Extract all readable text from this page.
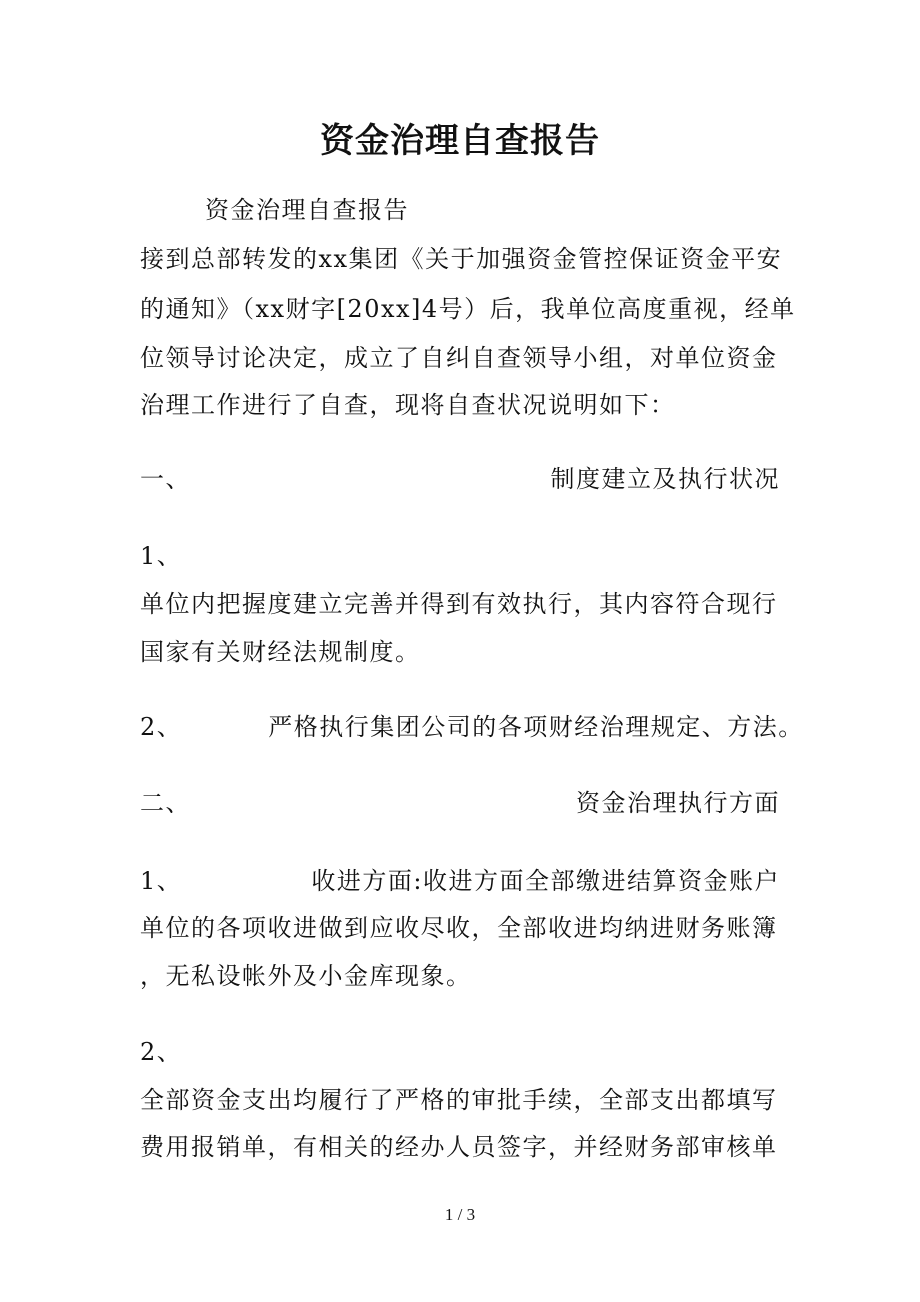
资金治理自查报告
资金治理自查报告
接到总部转发的xx集团《关于加强资金管控保证资金平安
的通知》（xx财字[20xx]4号）后，我单位高度重视，经单
位领导讨论决定，成立了自纠自查领导小组，对单位资金
治理工作进行了自查，现将自查状况说明如下：
一、	制度建立及执行状况
1、
单位内把握度建立完善并得到有效执行，其内容符合现行
国家有关财经法规制度。
2、	严格执行集团公司的各项财经治理规定、方法。
二、	资金治理执行方面
1、	收进方面:收进方面全部缴进结算资金账户
单位的各项收进做到应收尽收，全部收进均纳进财务账簿
，无私设帐外及小金库现象。
2、
全部资金支出均履行了严格的审批手续，全部支出都填写
费用报销单，有相关的经办人员签字，并经财务部审核单
1 / 3
